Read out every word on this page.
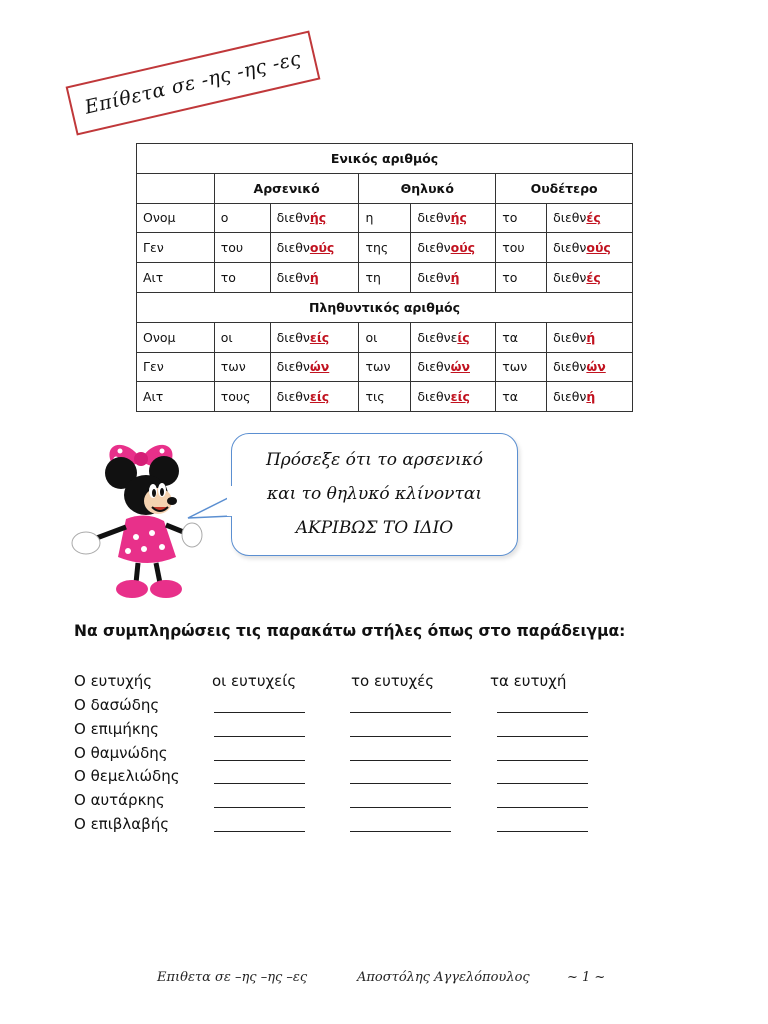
Επίθετα σε -ης -ης -ες
Ενικός αριθμός						
	Αρσενικό		Θηλυκό		Ουδέτερο	
Ονομ	ο	διεθνής	η	διεθνής	το	διεθνές
Γεν	του	διεθνούς	της	διεθνούς	του	διεθνούς
Αιτ	το	διεθνή	τη	διεθνή	το	διεθνές
Πληθυντικός αριθμός						
Ονομ	οι	διεθνείς	οι	διεθνείς	τα	διεθνή
Γεν	των	διεθνών	των	διεθνών	των	διεθνών
Αιτ	τους	διεθνείς	τις	διεθνείς	τα	διεθνή
Πρόσεξε ότι το αρσενικό
και το θηλυκό κλίνονται
ΑΚΡΙΒΩΣ ΤΟ ΙΔΙΟ
Να συμπληρώσεις τις παρακάτω στήλες όπως στο παράδειγμα:
Ο ευτυχής	οι ευτυχείς	το ευτυχές	τα ευτυχή
Ο δασώδης
Ο επιμήκης
Ο θαμνώδης
Ο θεμελιώδης
Ο αυτάρκης
Ο επιβλαβής
Επιθετα σε –ης –ης –ες	Αποστόλης Αγγελόπουλος	~ 1 ~
